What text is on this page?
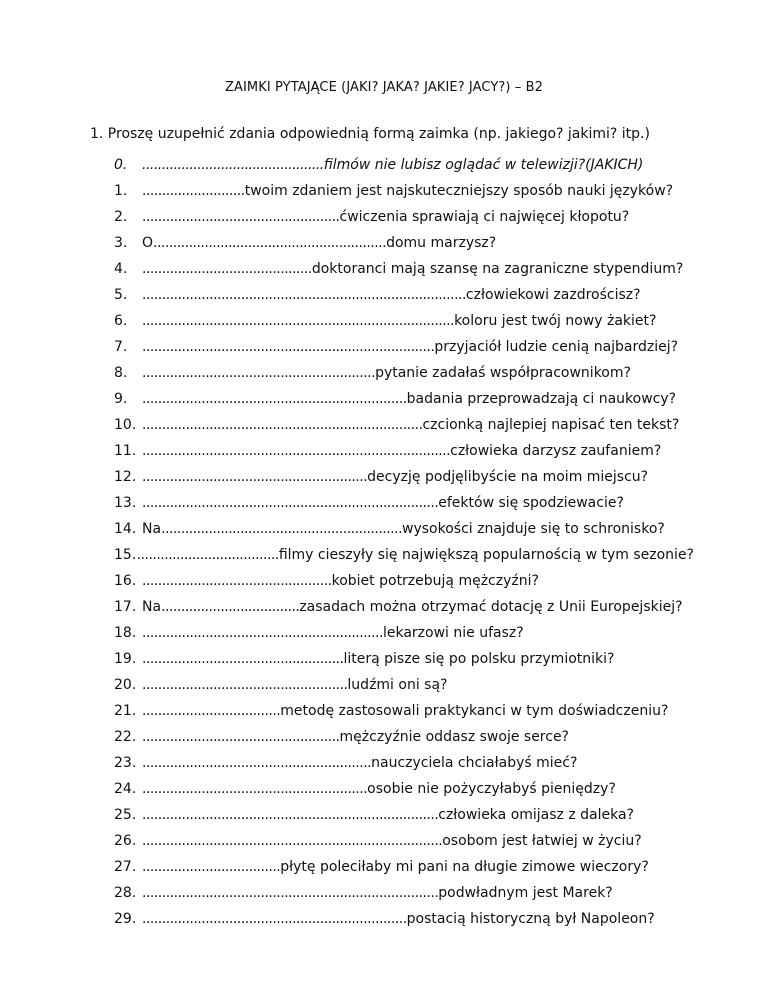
ZAIMKI PYTAJĄCE (JAKI? JAKA? JAKIE? JACY?) – B2
1. Proszę uzupełnić zdania odpowiednią formą zaimka (np. jakiego? jakimi? itp.)
0.	.............................................. filmów nie lubisz oglądać w telewizji? (JAKICH)
1.	.......................... twoim zdaniem jest najskuteczniejszy sposób nauki języków?
2.	.................................................. ćwiczenia sprawiają ci najwięcej kłopotu?
3.	O ........................................................... domu marzysz?
4.	........................................... doktoranci mają szansę na zagraniczne stypendium?
5.	.................................................................................. człowiekowi zazdrościsz?
6.	............................................................................... koloru jest twój nowy żakiet?
7.	.......................................................................... przyjaciół ludzie cenią najbardziej?
8.	........................................................... pytanie zadałaś współpracownikom?
9.	................................................................... badania przeprowadzają ci naukowcy?
10. ....................................................................... czcionką najlepiej napisać ten tekst?
11. .............................................................................. człowieka darzysz zaufaniem?
12. ......................................................... decyzję podjęlibyście na moim miejscu?
13. ........................................................................... efektów się spodziewacie?
14. Na ............................................................. wysokości znajduje się to schronisko?
15. .................................... filmy cieszyły się największą popularnością w tym sezonie?
16. ................................................ kobiet potrzebują mężczyźni?
17. Na ................................... zasadach można otrzymać dotację z Unii Europejskiej?
18. ............................................................. lekarzowi nie ufasz?
19. ................................................... literą pisze się po polsku przymiotniki?
20. .................................................... ludźmi oni są?
21. ................................... metodę zastosowali praktykanci w tym doświadczeniu?
22. .................................................. mężczyźnie oddasz swoje serce?
23. .......................................................... nauczyciela chciałabyś mieć?
24. ......................................................... osobie nie pożyczyłabyś pieniędzy?
25. ........................................................................... człowieka omijasz z daleka?
26. ............................................................................ osobom jest łatwiej w życiu?
27. ................................... płytę poleciłaby mi pani na długie zimowe wieczory?
28. ........................................................................... podwładnym jest Marek?
29. ................................................................... postacią historyczną był Napoleon?
